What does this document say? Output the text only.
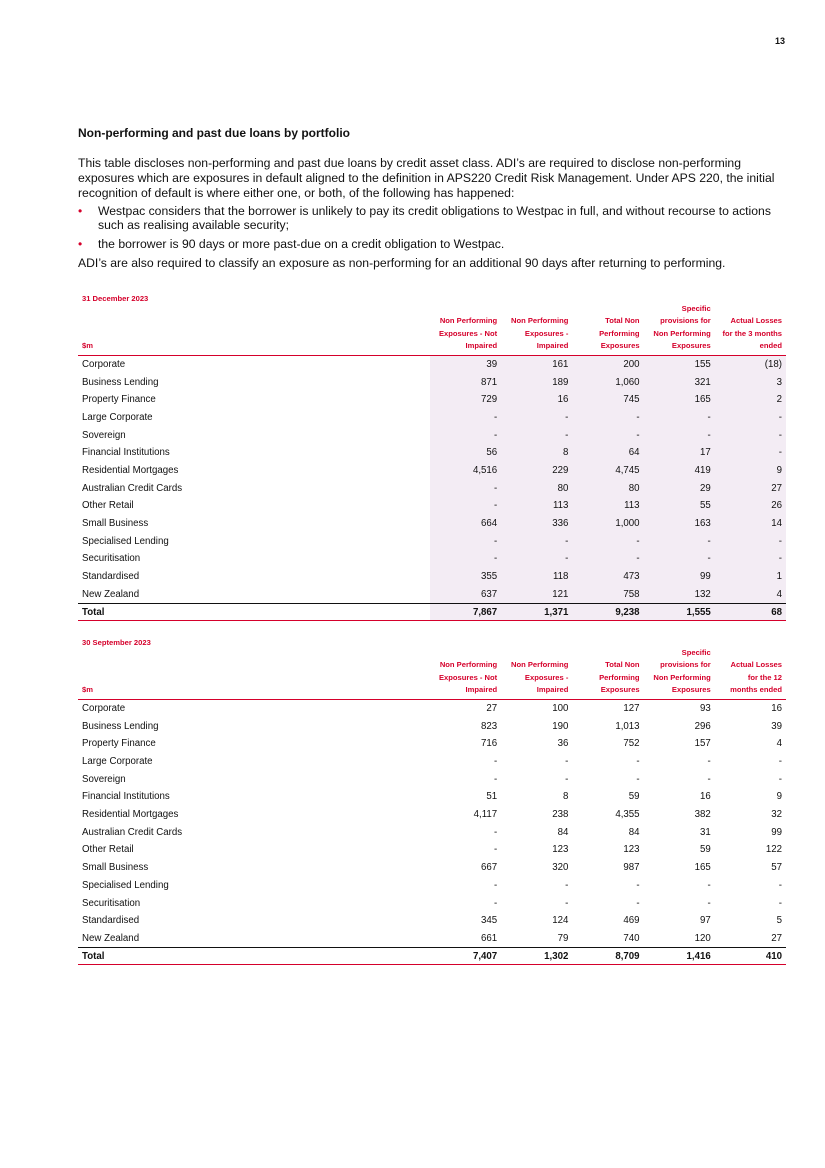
13
Non-performing and past due loans by portfolio

This table discloses non-performing and past due loans by credit asset class. ADI’s are required to disclose non-performing exposures which are exposures in default aligned to the definition in APS220 Credit Risk Management. Under APS 220, the initial recognition of default is where either one, or both, of the following has happened:

• Westpac considers that the borrower is unlikely to pay its credit obligations to Westpac in full, and without recourse to actions such as realising available security;
• the borrower is 90 days or more past-due on a credit obligation to Westpac.

ADI’s are also required to classify an exposure as non-performing for an additional 90 days after returning to performing.

31 December 2023
$m	Non Performing Exposures - Not Impaired	Non Performing Exposures - Impaired	Total Non Performing Exposures	Specific provisions for Non Performing Exposures	Actual Losses for the 3 months ended
Corporate	39	161	200	155	(18)
Business Lending	871	189	1,060	321	3
Property Finance	729	16	745	165	2
Large Corporate	-	-	-	-	-
Sovereign	-	-	-	-	-
Financial Institutions	56	8	64	17	-
Residential Mortgages	4,516	229	4,745	419	9
Australian Credit Cards	-	80	80	29	27
Other Retail	-	113	113	55	26
Small Business	664	336	1,000	163	14
Specialised Lending	-	-	-	-	-
Securitisation	-	-	-	-	-
Standardised	355	118	473	99	1
New Zealand	637	121	758	132	4
Total	7,867	1,371	9,238	1,555	68
30 September 2023
$m	Non Performing Exposures - Not Impaired	Non Performing Exposures - Impaired	Total Non Performing Exposures	Specific provisions for Non Performing Exposures	Actual Losses for the 12 months ended
Corporate	27	100	127	93	16
Business Lending	823	190	1,013	296	39
Property Finance	716	36	752	157	4
Large Corporate	-	-	-	-	-
Sovereign	-	-	-	-	-
Financial Institutions	51	8	59	16	9
Residential Mortgages	4,117	238	4,355	382	32
Australian Credit Cards	-	84	84	31	99
Other Retail	-	123	123	59	122
Small Business	667	320	987	165	57
Specialised Lending	-	-	-	-	-
Securitisation	-	-	-	-	-
Standardised	345	124	469	97	5
New Zealand	661	79	740	120	27
Total	7,407	1,302	8,709	1,416	410
